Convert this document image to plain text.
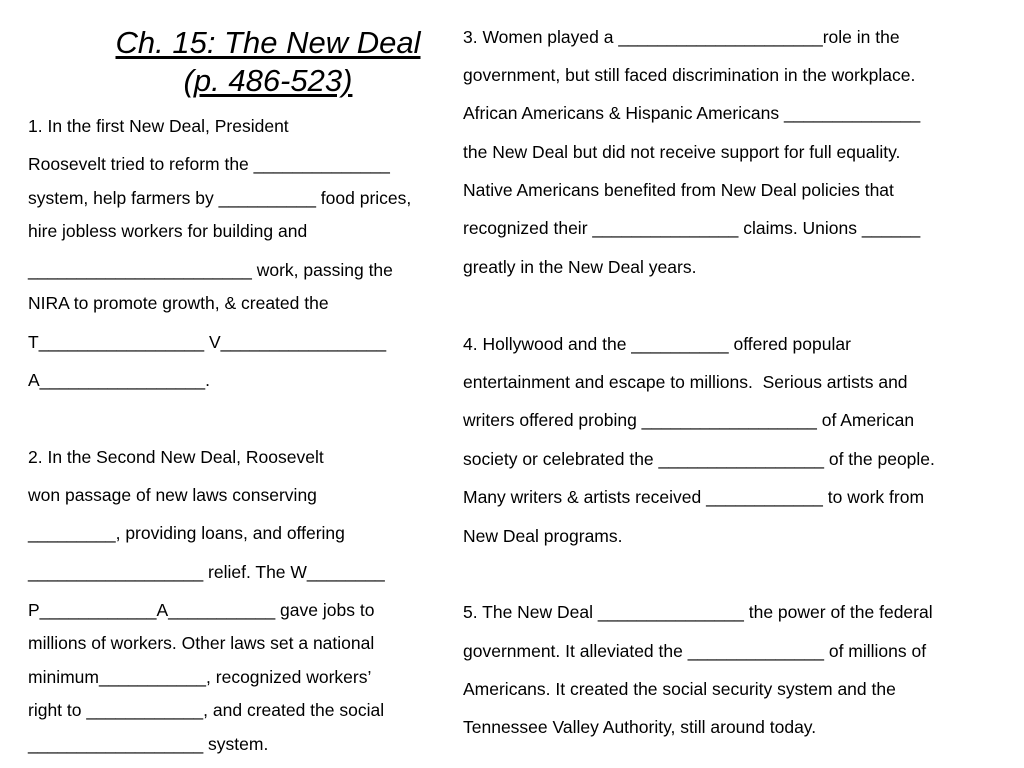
Ch. 15: The New Deal
(p. 486-523)
1. In the first New Deal, President
Roosevelt tried to reform the ______________
system, help farmers by __________ food prices,
hire jobless workers for building and
_______________________ work, passing the
NIRA to promote growth, & created the
T_________________ V_________________
A_________________.
2. In the Second New Deal, Roosevelt
won passage of new laws conserving
_________, providing loans, and offering
__________________ relief. The W________
P____________A___________ gave jobs to
millions of workers. Other laws set a national
minimum___________, recognized workers’
right to ____________, and created the social
__________________ system.
3. Women played a _____________________role in the
government, but still faced discrimination in the workplace.
African Americans & Hispanic Americans ______________
the New Deal but did not receive support for full equality.
Native Americans benefited from New Deal policies that
recognized their _______________ claims. Unions ______
greatly in the New Deal years.
4. Hollywood and the __________ offered popular
entertainment and escape to millions.  Serious artists and
writers offered probing __________________ of American
society or celebrated the _________________ of the people.
Many writers & artists received ____________ to work from
New Deal programs.
5. The New Deal _______________ the power of the federal
government. It alleviated the ______________ of millions of
Americans. It created the social security system and the
Tennessee Valley Authority, still around today.
